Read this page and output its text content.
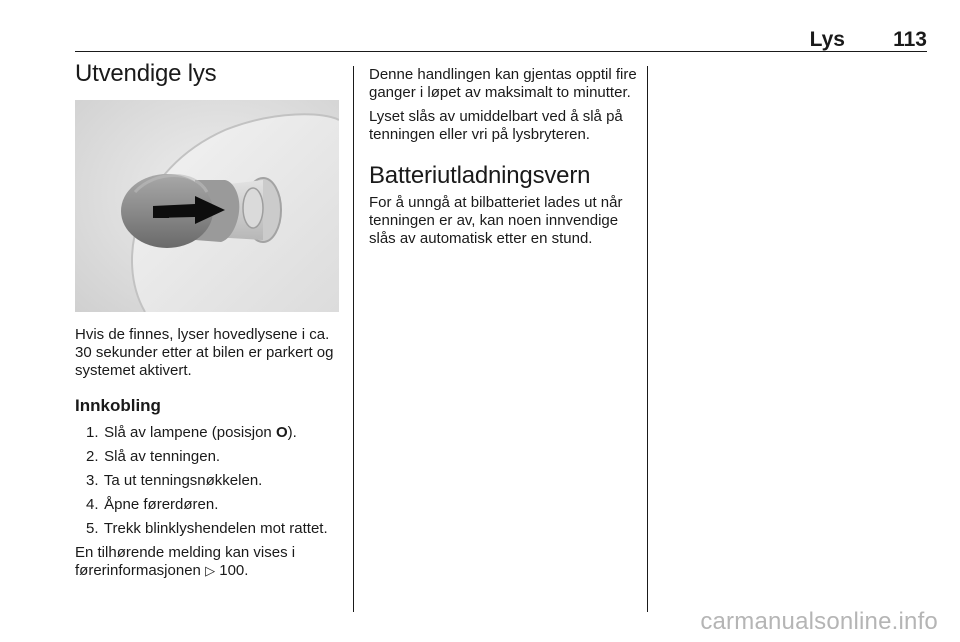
Lys 113
Utvendige lys

Hvis de finnes, lyser hovedlysene i ca. 30 sekunder etter at bilen er parkert og systemet aktivert.

Innkobling
1. Slå av lampene (posisjon O).
2. Slå av tenningen.
3. Ta ut tenningsnøkkelen.
4. Åpne førerdøren.
5. Trekk blinklyshendelen mot rattet.

En tilhørende melding kan vises i førerinformasjonen ▷ 100.

Denne handlingen kan gjentas opptil fire ganger i løpet av maksimalt to minutter.

Lyset slås av umiddelbart ved å slå på tenningen eller vri på lysbryteren.

Batteriutladningsvern

For å unngå at bilbatteriet lades ut når tenningen er av, kan noen innvendige slås av automatisk etter en stund.

carmanualsonline.info
